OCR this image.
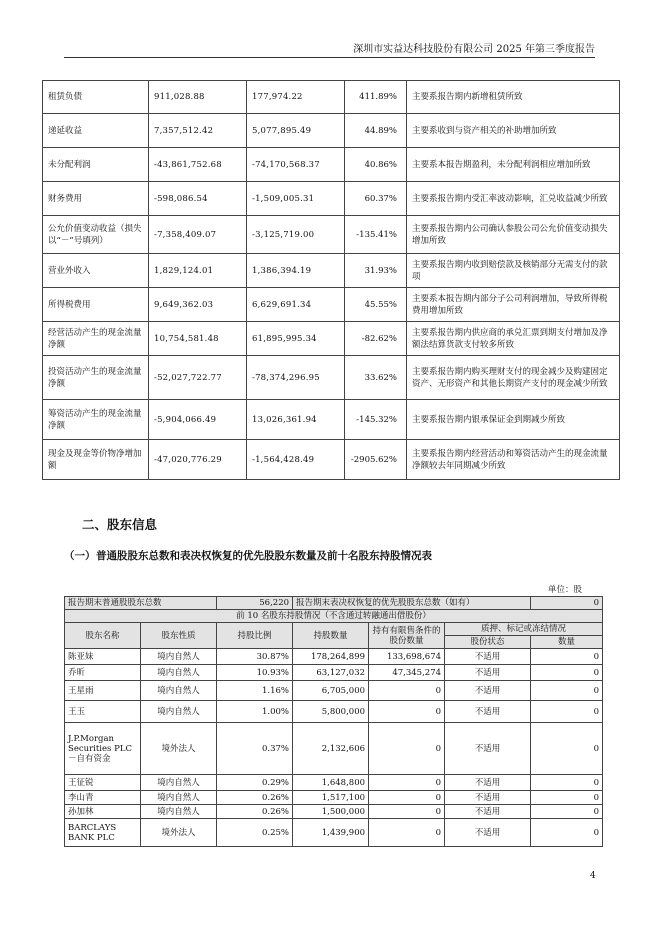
深圳市实益达科技股份有限公司 2025 年第三季度报告
租赁负债	911,028.88	177,974.22	411.89%	主要系报告期内新增租赁所致
递延收益	7,357,512.42	5,077,895.49	44.89%	主要系收到与资产相关的补助增加所致
未分配利润	-43,861,752.68	-74,170,568.37	40.86%	主要系本报告期盈利，未分配利润相应增加所致
财务费用	-598,086.54	-1,509,005.31	60.37%	主要系报告期内受汇率波动影响，汇兑收益减少所致
公允价值变动收益（损失以“－”号填列）	-7,358,409.07	-3,125,719.00	-135.41%	主要系报告期内公司确认参股公司公允价值变动损失增加所致
营业外收入	1,829,124.01	1,386,394.19	31.93%	主要系报告期内收到赔偿款及核销部分无需支付的款项
所得税费用	9,649,362.03	6,629,691.34	45.55%	主要系本报告期内部分子公司利润增加，导致所得税费用增加所致
经营活动产生的现金流量净额	10,754,581.48	61,895,995.34	-82.62%	主要系报告期内供应商的承兑汇票到期支付增加及净额法结算货款支付较多所致
投资活动产生的现金流量净额	-52,027,722.77	-78,374,296.95	33.62%	主要系报告期内购买理财支付的现金减少及购建固定资产、无形资产和其他长期资产支付的现金减少所致
筹资活动产生的现金流量净额	-5,904,066.49	13,026,361.94	-145.32%	主要系报告期内银承保证金到期减少所致
现金及现金等价物净增加额	-47,020,776.29	-1,564,428.49	-2905.62%	主要系报告期内经营活动和筹资活动产生的现金流量净额较去年同期减少所致
二、股东信息
（一）普通股股东总数和表决权恢复的优先股股东数量及前十名股东持股情况表
单位：股
报告期末普通股股东总数		56,220	报告期末表决权恢复的优先股股东总数（如有）			0
前 10 名股东持股情况（不含通过转融通出借股份）						
股东名称	股东性质	持股比例	持股数量	持有有限售条件的股份数量	质押、标记或冻结情况	
					股份状态	数量
陈亚妹	境内自然人	30.87%	178,264,899	133,698,674	不适用	0
乔昕	境内自然人	10.93%	63,127,032	47,345,274	不适用	0
王星雨	境内自然人	1.16%	6,705,000	0	不适用	0
王玉	境内自然人	1.00%	5,800,000	0	不适用	0
J.P.Morgan Securities PLC－自有资金	境外法人	0.37%	2,132,606	0	不适用	0
王征锐	境内自然人	0.29%	1,648,800	0	不适用	0
李山青	境内自然人	0.26%	1,517,100	0	不适用	0
孙加林	境内自然人	0.26%	1,500,000	0	不适用	0
BARCLAYS BANK PLC	境外法人	0.25%	1,439,900	0	不适用	0
4
